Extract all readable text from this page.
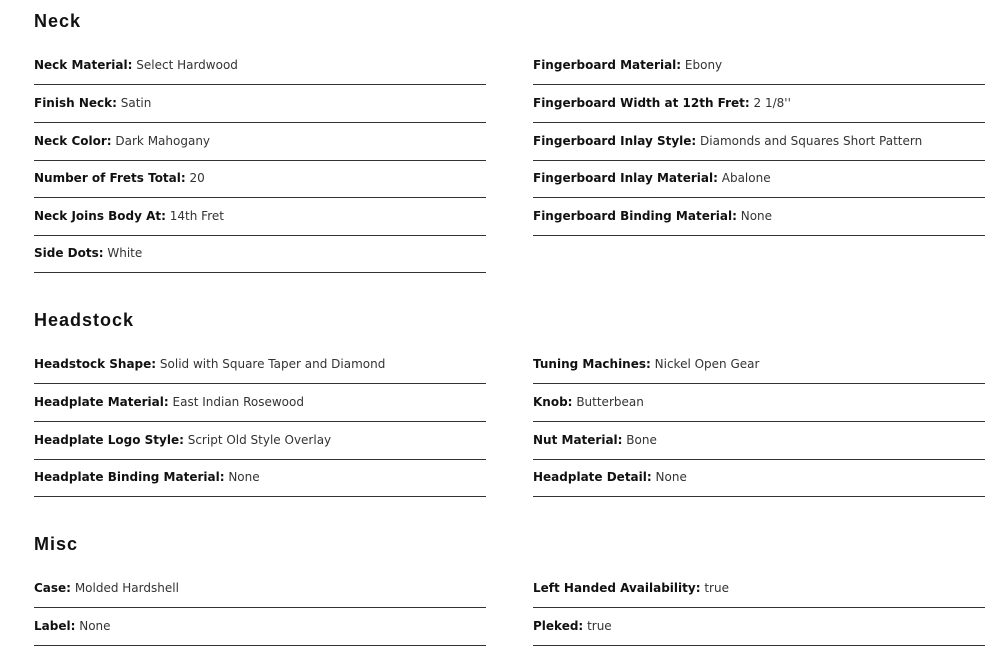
Neck
Neck Material: Select Hardwood
Finish Neck: Satin
Neck Color: Dark Mahogany
Number of Frets Total: 20
Neck Joins Body At: 14th Fret
Side Dots: White
Fingerboard Material: Ebony
Fingerboard Width at 12th Fret: 2 1/8''
Fingerboard Inlay Style: Diamonds and Squares Short Pattern
Fingerboard Inlay Material: Abalone
Fingerboard Binding Material: None
Headstock
Headstock Shape: Solid with Square Taper and Diamond
Headplate Material: East Indian Rosewood
Headplate Logo Style: Script Old Style Overlay
Headplate Binding Material: None
Tuning Machines: Nickel Open Gear
Knob: Butterbean
Nut Material: Bone
Headplate Detail: None
Misc
Case: Molded Hardshell
Label: None
Left Handed Availability: true
Pleked: true
